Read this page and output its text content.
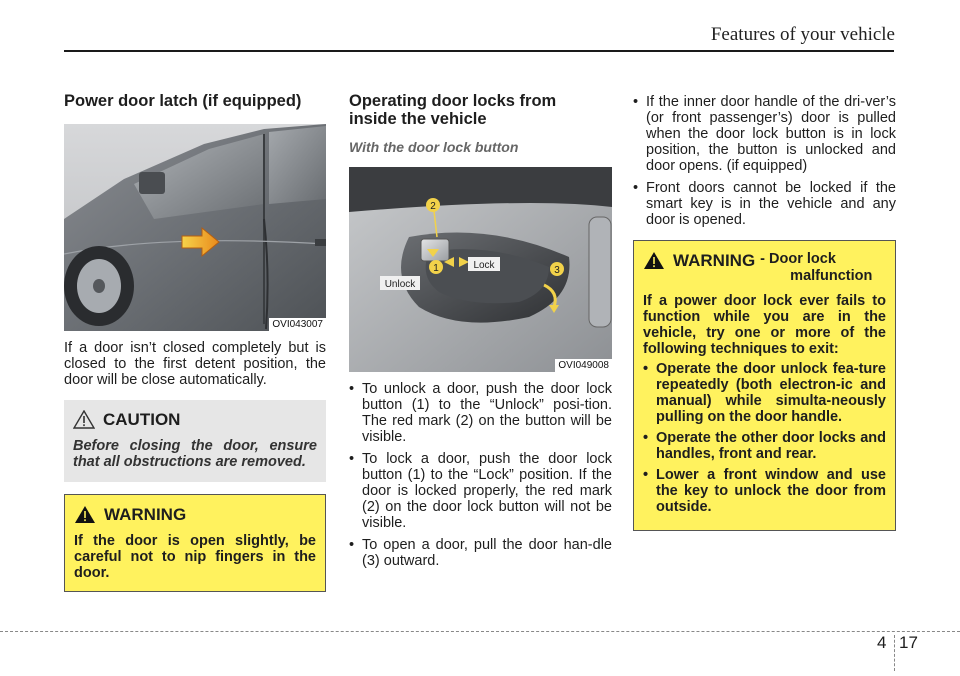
Features of your vehicle
Power door latch (if equipped)
OVI043007

If a door isn’t closed completely but is closed to the first detent position, the door will be close automatically.

CAUTION
Before closing the door, ensure that all obstructions are removed.
WARNING
If the door is open slightly, be careful not to nip fingers in the door.
Operating door locks from
inside the vehicle
With the door lock button
2
1	3
Unlock
Lock
OVI049008
• To unlock a door, push the door lock button (1) to the “Unlock” posi-tion. The red mark (2) on the button will be visible.
• To lock a door, push the door lock button (1) to the “Lock” position. If the door is locked properly, the red mark (2) on the door lock button will not be visible.
• To open a door, pull the door han-dle (3) outward.
• If the inner door handle of the dri-ver’s (or front passenger’s) door is pulled when the door lock button is in lock position, the button is unlocked and door opens. (if equipped)
• Front doors cannot be locked if the smart key is in the vehicle and any door is opened.
WARNING - Door lock
malfunction
If a power door lock ever fails to function while you are in the vehicle, try one or more of the following techniques to exit:
• Operate the door unlock fea-ture repeatedly (both electron-ic and manual) while simulta-neously pulling on the door handle.
• Operate the other door locks and handles, front and rear.
• Lower a front window and use the key to unlock the door from outside.
4 17
